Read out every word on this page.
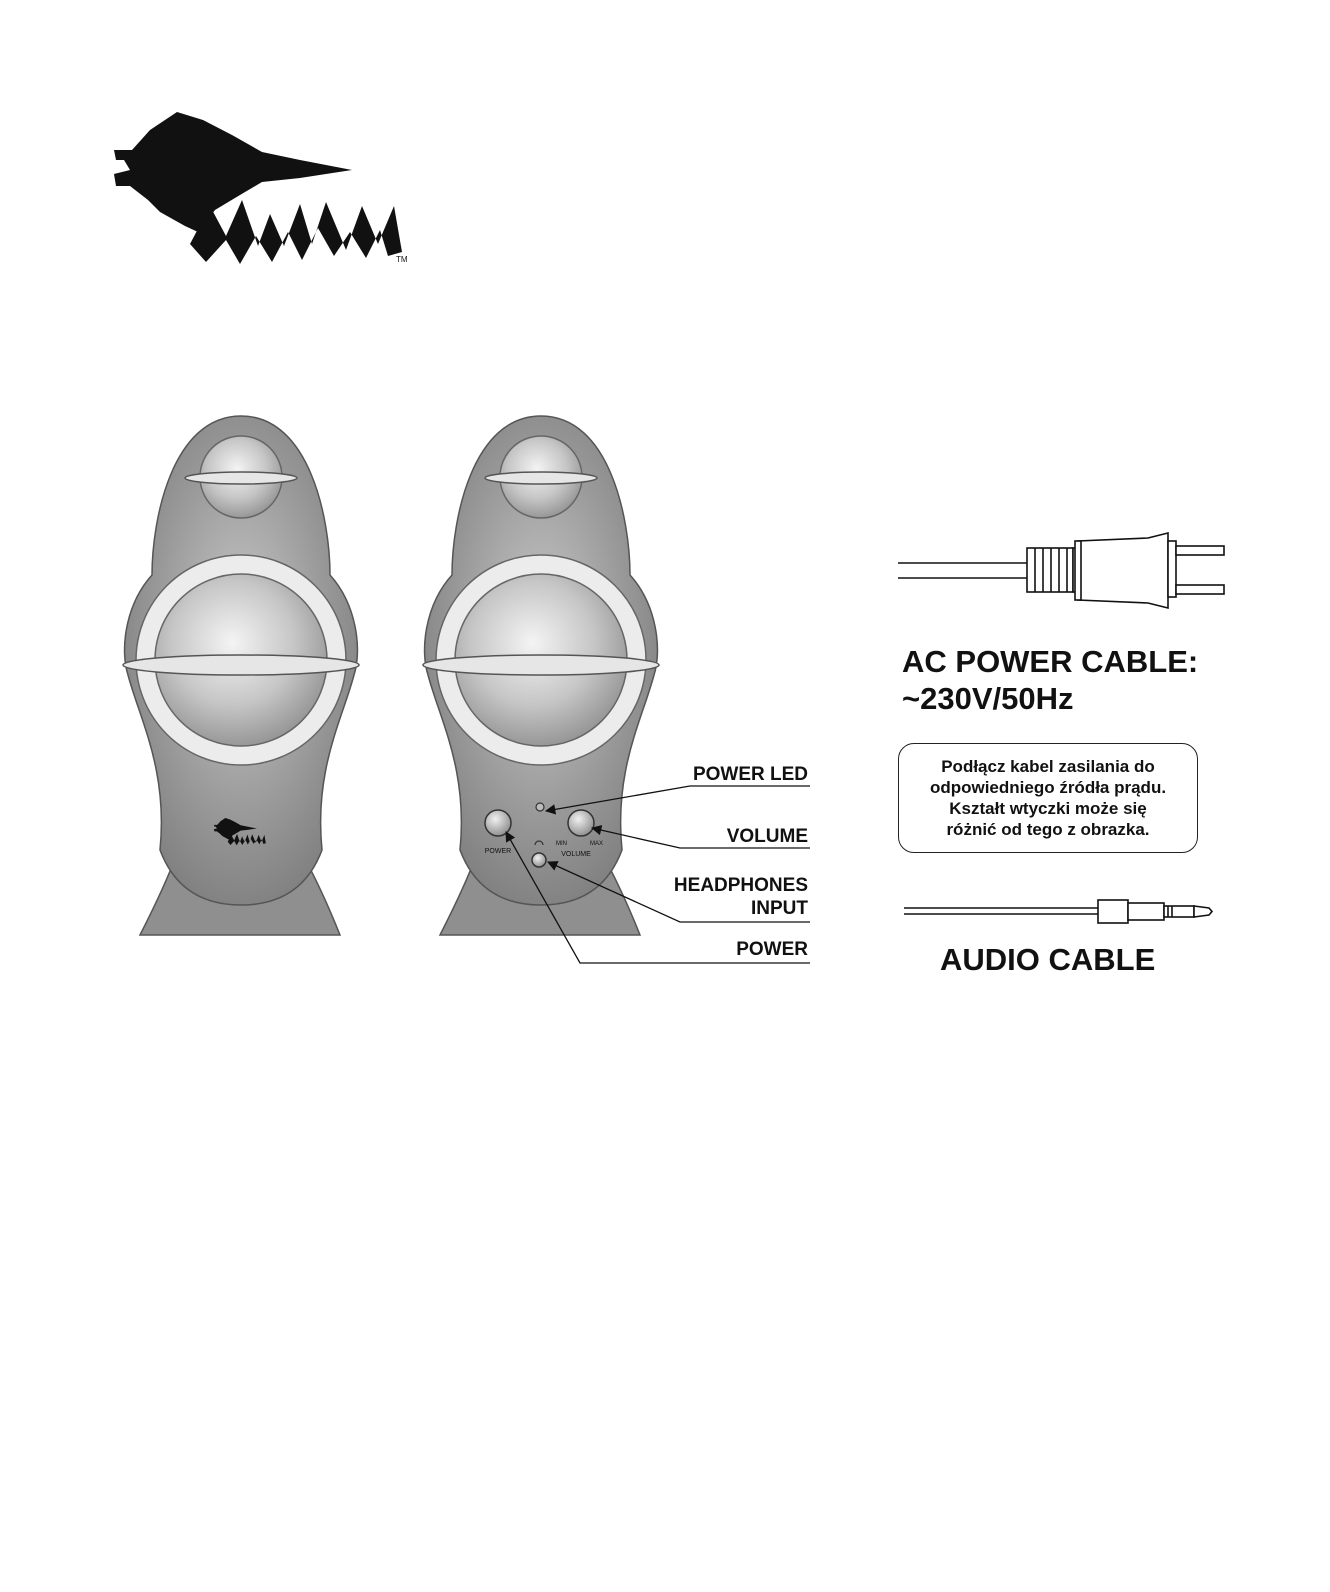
TM
POWER
MIN	MAX
VOLUME
POWER LED
VOLUME
HEADPHONES
INPUT
POWER
AC POWER CABLE:
~230V/50Hz
Podłącz kabel zasilania do
odpowiedniego źródła prądu.
Kształt wtyczki może się
różnić od tego z obrazka.
AUDIO CABLE
